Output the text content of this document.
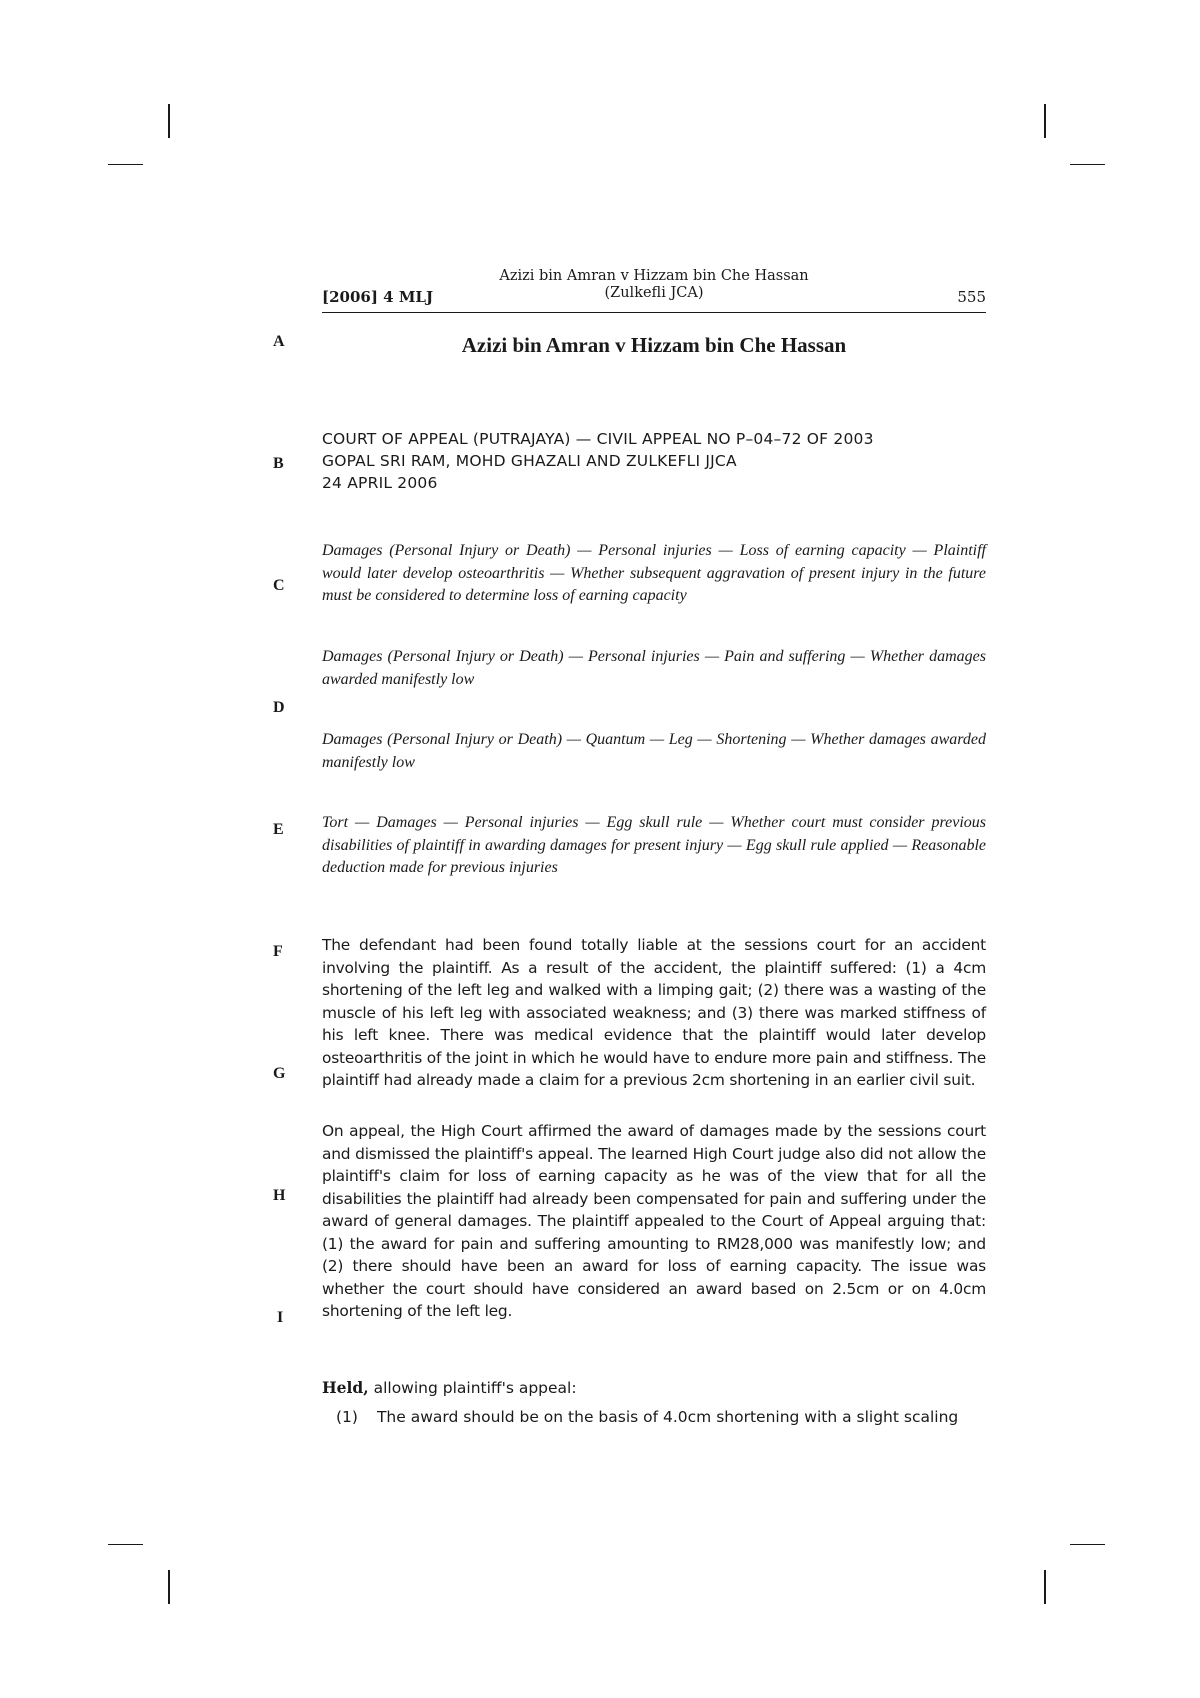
[2006] 4 MLJ
Azizi bin Amran v Hizzam bin Che Hassan
(Zulkefli JCA)	555
A
B
C
D
E
F
G
H
I
Azizi bin Amran v Hizzam bin Che Hassan
COURT OF APPEAL (PUTRAJAYA) — CIVIL APPEAL NO P–04–72 OF 2003
GOPAL SRI RAM, MOHD GHAZALI AND ZULKEFLI JJCA
24 APRIL 2006
Damages (Personal Injury or Death) — Personal injuries — Loss of earning capacity — Plaintiff would later develop osteoarthritis — Whether subsequent aggravation of present injury in the future must be considered to determine loss of earning capacity
Damages (Personal Injury or Death) — Personal injuries — Pain and suffering — Whether damages awarded manifestly low
Damages (Personal Injury or Death) — Quantum — Leg — Shortening — Whether damages awarded manifestly low
Tort — Damages — Personal injuries — Egg skull rule — Whether court must consider previous disabilities of plaintiff in awarding damages for present injury — Egg skull rule applied — Reasonable deduction made for previous injuries
The defendant had been found totally liable at the sessions court for an accident involving the plaintiff. As a result of the accident, the plaintiff suffered: (1) a 4cm shortening of the left leg and walked with a limping gait; (2) there was a wasting of the muscle of his left leg with associated weakness; and (3) there was marked stiffness of his left knee. There was medical evidence that the plaintiff would later develop osteoarthritis of the joint in which he would have to endure more pain and stiffness. The plaintiff had already made a claim for a previous 2cm shortening in an earlier civil suit.
On appeal, the High Court affirmed the award of damages made by the sessions court and dismissed the plaintiff's appeal. The learned High Court judge also did not allow the plaintiff's claim for loss of earning capacity as he was of the view that for all the disabilities the plaintiff had already been compensated for pain and suffering under the award of general damages. The plaintiff appealed to the Court of Appeal arguing that: (1) the award for pain and suffering amounting to RM28,000 was manifestly low; and (2) there should have been an award for loss of earning capacity. The issue was whether the court should have considered an award based on 2.5cm or on 4.0cm shortening of the left leg.
Held, allowing plaintiff's appeal:
(1) The award should be on the basis of 4.0cm shortening with a slight scaling
